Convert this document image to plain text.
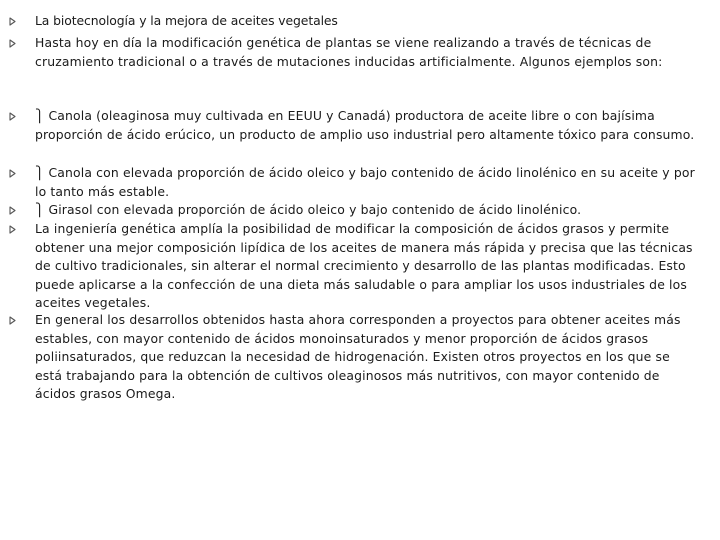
La biotecnología y la mejora de aceites vegetales
Hasta hoy en día la modificación genética de plantas se viene realizando a través de técnicas de cruzamiento tradicional o a través de mutaciones inducidas artificialmente. Algunos ejemplos son:
⎫ Canola (oleaginosa muy cultivada en EEUU y Canadá) productora de aceite libre o con bajísima proporción de ácido erúcico, un producto de amplio uso industrial pero altamente tóxico para consumo.
⎫ Canola con elevada proporción de ácido oleico y bajo contenido de ácido linolénico en su aceite y por lo tanto más estable.
⎫ Girasol con elevada proporción de ácido oleico y bajo contenido de ácido linolénico.
La ingeniería genética amplía la posibilidad de modificar la composición de ácidos grasos y permite obtener una mejor composición lipídica de los aceites de manera más rápida y precisa que las técnicas de cultivo tradicionales, sin alterar el normal crecimiento y desarrollo de las plantas modificadas. Esto puede aplicarse a la confección de una dieta más saludable o para ampliar los usos industriales de los aceites vegetales.
En general los desarrollos obtenidos hasta ahora corresponden a proyectos para obtener aceites más estables, con mayor contenido de ácidos monoinsaturados y menor proporción de ácidos grasos poliinsaturados, que reduzcan la necesidad de hidrogenación. Existen otros proyectos en los que se está trabajando para la obtención de cultivos oleaginosos más nutritivos, con mayor contenido de ácidos grasos Omega.
